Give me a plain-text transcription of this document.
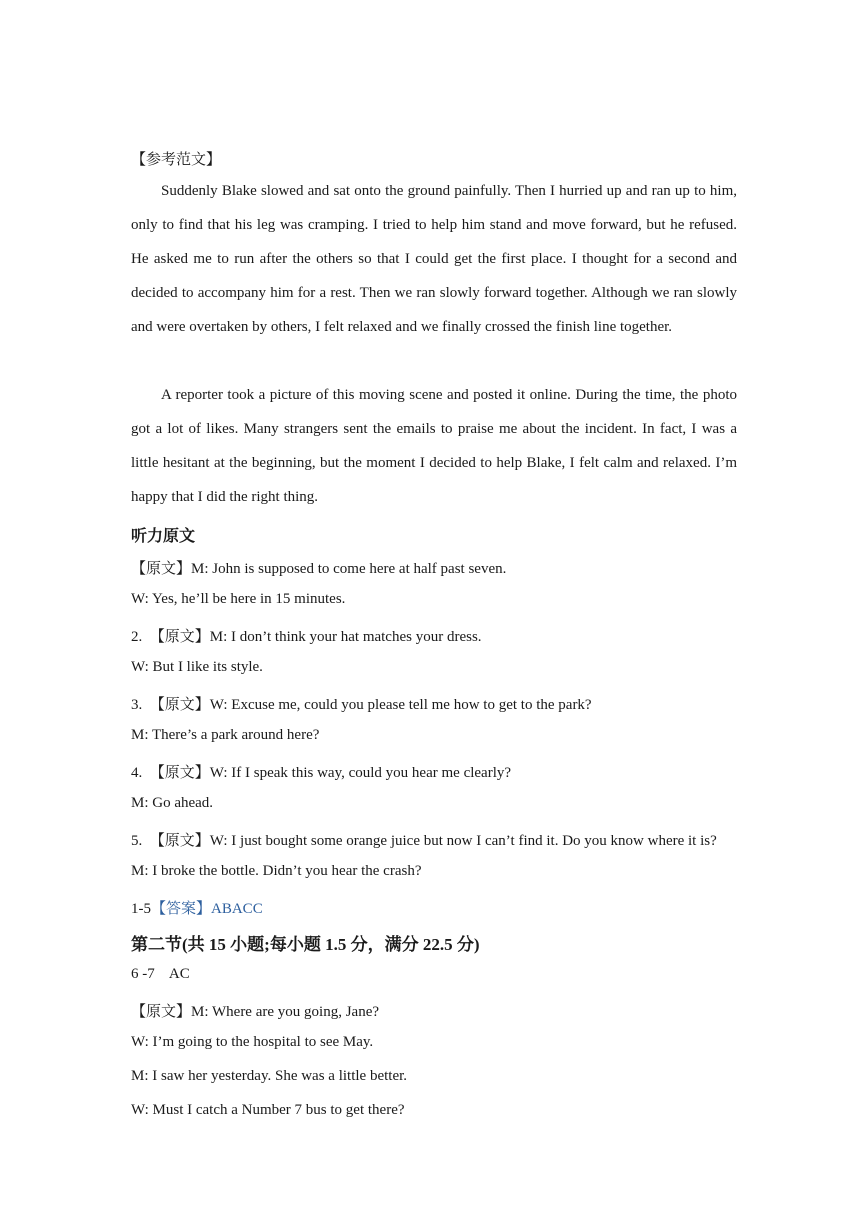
【参考范文】
Suddenly Blake slowed and sat onto the ground painfully. Then I hurried up and ran up to him, only to find that his leg was cramping. I tried to help him stand and move forward, but he refused. He asked me to run after the others so that I could get the first place. I thought for a second and decided to accompany him for a rest. Then we ran slowly forward together. Although we ran slowly and were overtaken by others, I felt relaxed and we finally crossed the finish line together.
A reporter took a picture of this moving scene and posted it online. During the time, the photo got a lot of likes. Many strangers sent the emails to praise me about the incident. In fact, I was a little hesitant at the beginning, but the moment I decided to help Blake, I felt calm and relaxed. I’m happy that I did the right thing.
听力原文
【原文】M: John is supposed to come here at half past seven.
W: Yes, he’ll be here in 15 minutes.
2. 【原文】M: I don’t think your hat matches your dress.
W: But I like its style.
3. 【原文】W: Excuse me, could you please tell me how to get to the park?
M: There’s a park around here?
4. 【原文】W: If I speak this way, could you hear me clearly?
M: Go ahead.
5. 【原文】W: I just bought some orange juice but now I can’t find it. Do you know where it is?
M: I broke the bottle. Didn’t you hear the crash?
1-5【答案】ABACC
第二节(共 15 小题;每小题 1.5 分，满分 22.5 分)
6 -7    AC
【原文】M: Where are you going, Jane?
W: I’m going to the hospital to see May.
M: I saw her yesterday. She was a little better.
W: Must I catch a Number 7 bus to get there?
